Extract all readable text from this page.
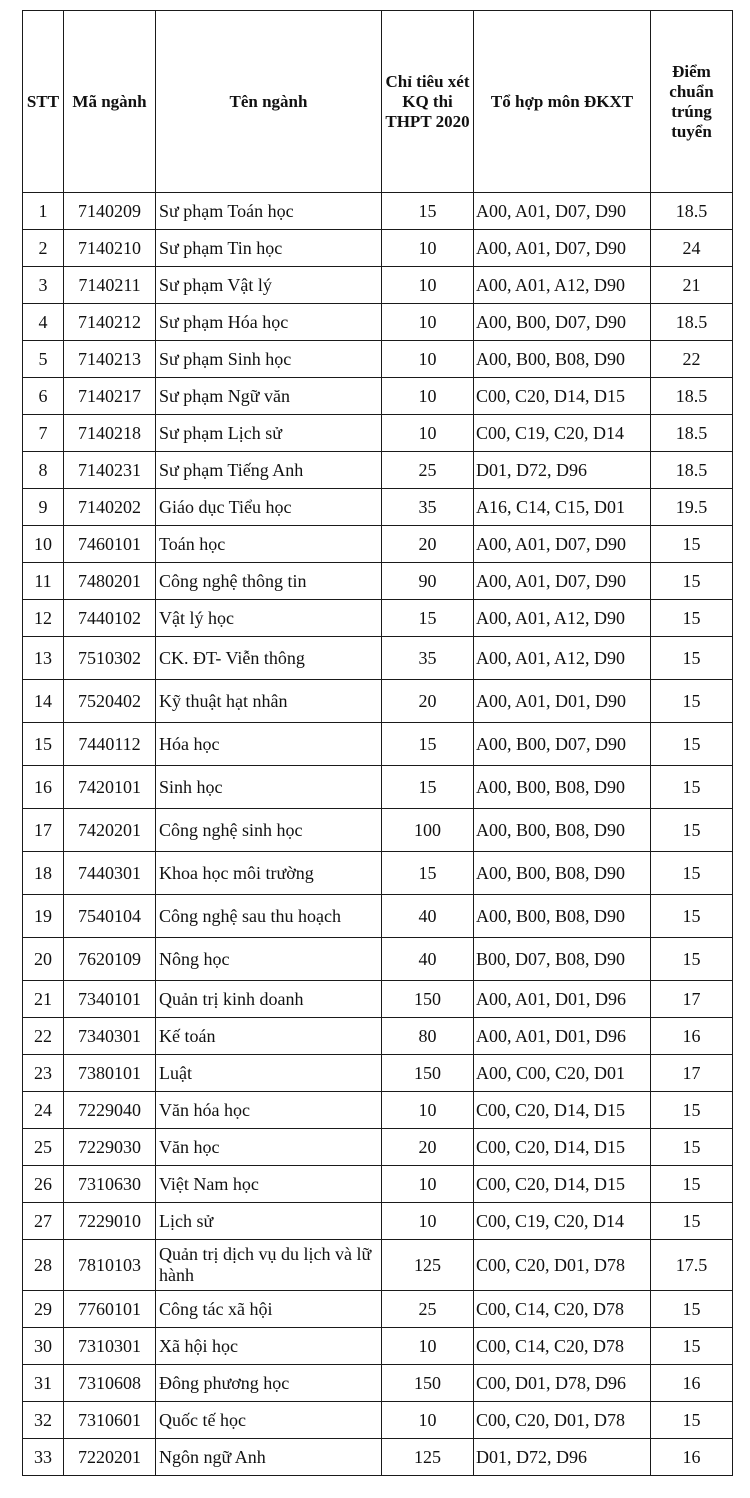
STT	Mã ngành	Tên ngành	Chỉ tiêu xét KQ thi THPT 2020	Tổ hợp môn ĐKXT	Điểm chuẩn trúng tuyển
1	7140209	Sư phạm Toán học	15	A00, A01, D07, D90	18.5
2	7140210	Sư phạm Tin học	10	A00, A01, D07, D90	24
3	7140211	Sư phạm Vật lý	10	A00, A01, A12, D90	21
4	7140212	Sư phạm Hóa học	10	A00, B00, D07, D90	18.5
5	7140213	Sư phạm Sinh học	10	A00, B00, B08, D90	22
6	7140217	Sư phạm Ngữ văn	10	C00, C20, D14, D15	18.5
7	7140218	Sư phạm Lịch sử	10	C00, C19, C20, D14	18.5
8	7140231	Sư phạm Tiếng Anh	25	D01, D72, D96	18.5
9	7140202	Giáo dục Tiểu học	35	A16, C14, C15, D01	19.5
10	7460101	Toán học	20	A00, A01, D07, D90	15
11	7480201	Công nghệ thông tin	90	A00, A01, D07, D90	15
12	7440102	Vật lý học	15	A00, A01, A12, D90	15
13	7510302	CK. ĐT- Viễn thông	35	A00, A01, A12, D90	15
14	7520402	Kỹ thuật hạt nhân	20	A00, A01, D01, D90	15
15	7440112	Hóa học	15	A00, B00, D07, D90	15
16	7420101	Sinh học	15	A00, B00, B08, D90	15
17	7420201	Công nghệ sinh học	100	A00, B00, B08, D90	15
18	7440301	Khoa học môi trường	15	A00, B00, B08, D90	15
19	7540104	Công nghệ sau thu hoạch	40	A00, B00, B08, D90	15
20	7620109	Nông học	40	B00, D07, B08, D90	15
21	7340101	Quản trị kinh doanh	150	A00, A01, D01, D96	17
22	7340301	Kế toán	80	A00, A01, D01, D96	16
23	7380101	Luật	150	A00, C00, C20, D01	17
24	7229040	Văn hóa học	10	C00, C20, D14, D15	15
25	7229030	Văn học	20	C00, C20, D14, D15	15
26	7310630	Việt Nam học	10	C00, C20, D14, D15	15
27	7229010	Lịch sử	10	C00, C19, C20, D14	15
28	7810103	Quản trị dịch vụ du lịch và lữ hành	125	C00, C20, D01, D78	17.5
29	7760101	Công tác xã hội	25	C00, C14, C20, D78	15
30	7310301	Xã hội học	10	C00, C14, C20, D78	15
31	7310608	Đông phương học	150	C00, D01, D78, D96	16
32	7310601	Quốc tế học	10	C00, C20, D01, D78	15
33	7220201	Ngôn ngữ Anh	125	D01, D72, D96	16
